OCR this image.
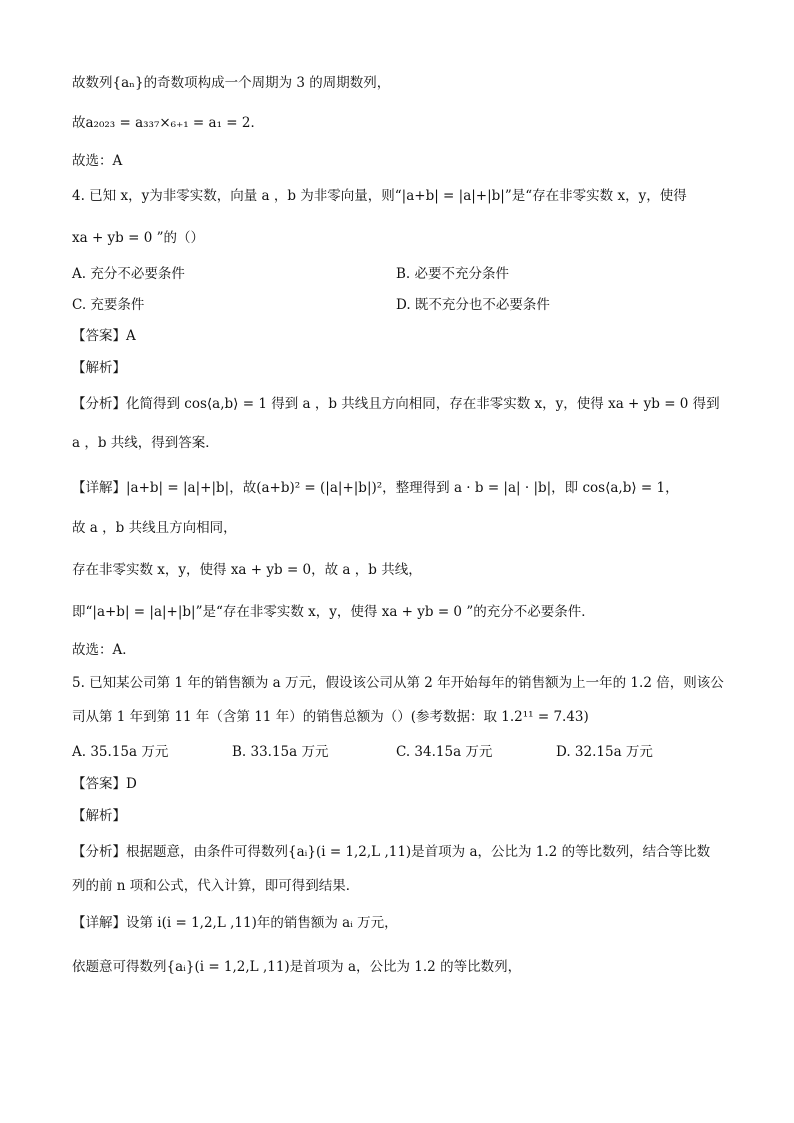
故数列{aₙ}的奇数项构成一个周期为 3 的周期数列，
故a₂₀₂₃ = a₃₃₇×₆₊₁ = a₁ = 2．
故选：A
4. 已知 x，y为非零实数，向量 a ，b 为非零向量，则“|a+b| = |a|+|b|”是“存在非零实数 x，y，使得
xa + yb = 0 ”的（）
A. 充分不必要条件	B. 必要不充分条件
C. 充要条件	D. 既不充分也不必要条件
【答案】A
【解析】
【分析】化简得到 cos⟨a,b⟩ = 1 得到 a ，b 共线且方向相同，存在非零实数 x，y，使得 xa + yb = 0 得到
a ，b 共线，得到答案．
【详解】|a+b| = |a|+|b|，故(a+b)² = (|a|+|b|)²，整理得到 a · b = |a| · |b|，即 cos⟨a,b⟩ = 1，
故 a ，b 共线且方向相同，
存在非零实数 x，y，使得 xa + yb = 0，故 a ，b 共线，
即“|a+b| = |a|+|b|”是“存在非零实数 x，y，使得 xa + yb = 0 ”的充分不必要条件．
故选：A．
5. 已知某公司第 1 年的销售额为 a 万元，假设该公司从第 2 年开始每年的销售额为上一年的 1.2 倍，则该公
司从第 1 年到第 11 年（含第 11 年）的销售总额为（）(参考数据：取 1.2¹¹ = 7.43)
A. 35.15a 万元	B. 33.15a 万元	C. 34.15a 万元	D. 32.15a 万元
【答案】D
【解析】
【分析】根据题意，由条件可得数列{aᵢ}(i = 1,2,L ,11)是首项为 a，公比为 1.2 的等比数列，结合等比数
列的前 n 项和公式，代入计算，即可得到结果．
【详解】设第 i(i = 1,2,L ,11)年的销售额为 aᵢ 万元，
依题意可得数列{aᵢ}(i = 1,2,L ,11)是首项为 a，公比为 1.2 的等比数列，
